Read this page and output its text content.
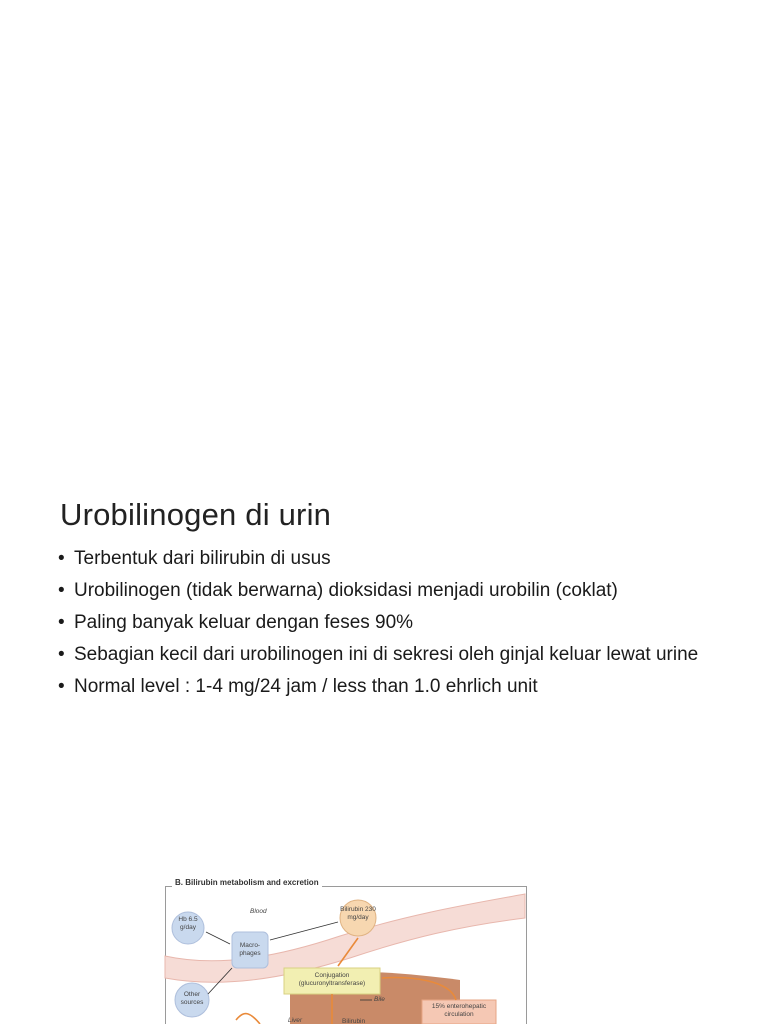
Urobilinogen di urin
• Terbentuk dari bilirubin di usus
• Urobilinogen (tidak berwarna) dioksidasi menjadi urobilin (coklat)
• Paling banyak keluar dengan feses 90%
• Sebagian kecil dari urobilinogen ini di sekresi oleh ginjal keluar lewat urine
• Normal level : 1-4 mg/24 jam / less than 1.0 ehrlich unit
B. Bilirubin metabolism and excretion
Hb 6.5 g/day
Blood	Bilirubin 230 mg/day
Macro-phages
Conjugation (glucuronyltransferase)
Other sources	Bile
15% enterohepatic circulation
Liver	Bilirubin
